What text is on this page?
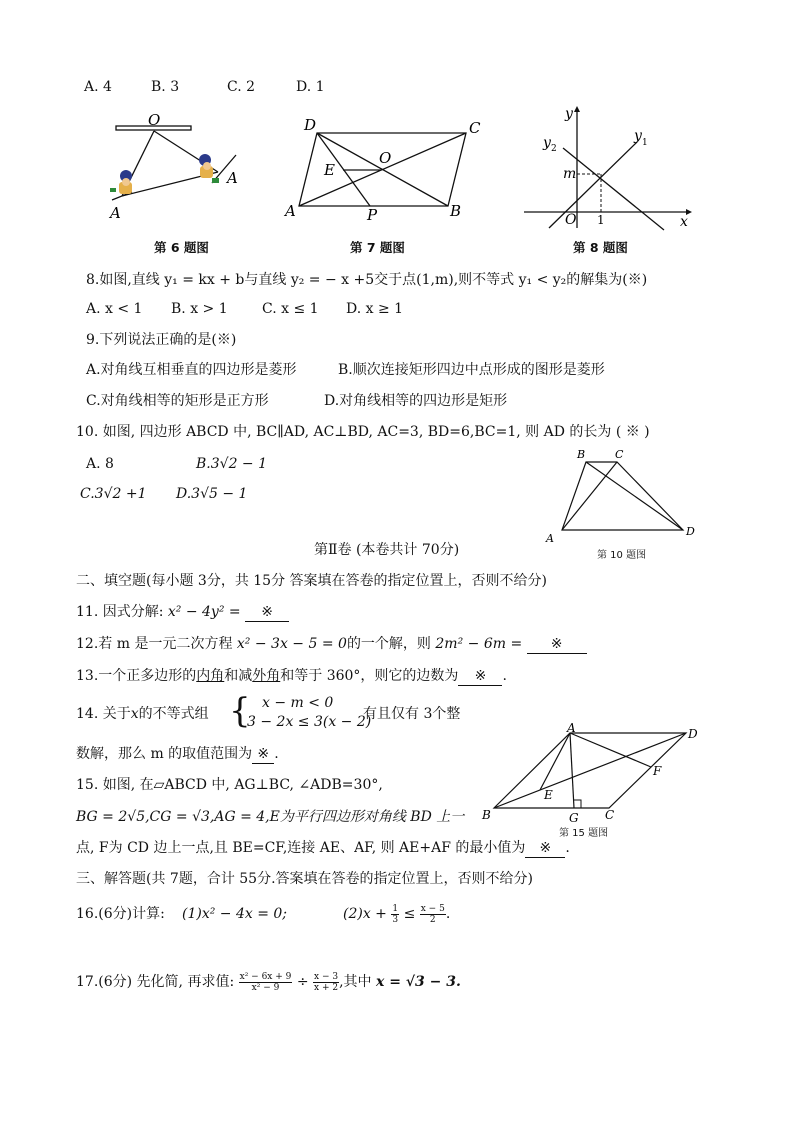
A. 4	B. 3	C. 2	D. 1
O
A
A
第 6 题图
D	C
O
E
A	P	B
第 7 题图
y
y 1
y 2
m
O 1	x
第 8 题图
8.如图,直线 y₁ = kx + b与直线 y₂ = − x +5交于点(1,m),则不等式 y₁ < y₂的解集为(※)
A. x < 1 B. x > 1 C. x ≤ 1 D. x ≥ 1
9.下列说法正确的是(※)
A.对角线互相垂直的四边形是菱形	B.顺次连接矩形四边中点形成的图形是菱形
C.对角线相等的矩形是正方形	D.对角线相等的四边形是矩形
10. 如图, 四边形 ABCD 中, BC∥AD, AC⊥BD, AC=3, BD=6,BC=1, 则 AD 的长为 ( ※ )
A. 8	B.3√2 − 1
C.3√2 +1 D.3√5 − 1
B	C
A
D
第 10 题图
第Ⅱ卷 (本卷共计 70分)
二、填空题(每小题 3分，共 15分 答案填在答卷的指定位置上，否则不给分)
11. 因式分解: x² − 4y² = ※
12.若 m 是一元二次方程 x² − 3x − 5 = 0的一个解，则 2m² − 6m = ※
13.一个正多边形的内角和减外角和等于 360°，则它的边数为 ※ .
14. 关于x的不等式组 { x − m < 0
3 − 2x ≤ 3(x − 2)
有且仅有 3个整
数解，那么 m 的取值范围为 ※ .
A	D
F
E
B	G C
第 15 题图
15. 如图, 在▱ABCD 中, AG⊥BC, ∠ADB=30°,
BG = 2√5,CG = √3,AG = 4,E为平行四边形对角线 BD 上一
点, F为 CD 边上一点,且 BE=CF,连接 AE、AF, 则 AE+AF 的最小值为 ※ .
三、解答题(共 7题，合计 55分.答案填在答卷的指定位置上，否则不给分)
16.(6分)计算: (1)x² − 4x = 0;	$(2)x + \frac{1}{3} \le \frac{x - 5}{2}$ .
17.(6分) 先化简, 再求值: $\frac{\text{x² − 6x + 9}}{\text{x² − 9}} \div \frac{x - 3}{x + 2}$ ,其中 x = √3 − 3.
